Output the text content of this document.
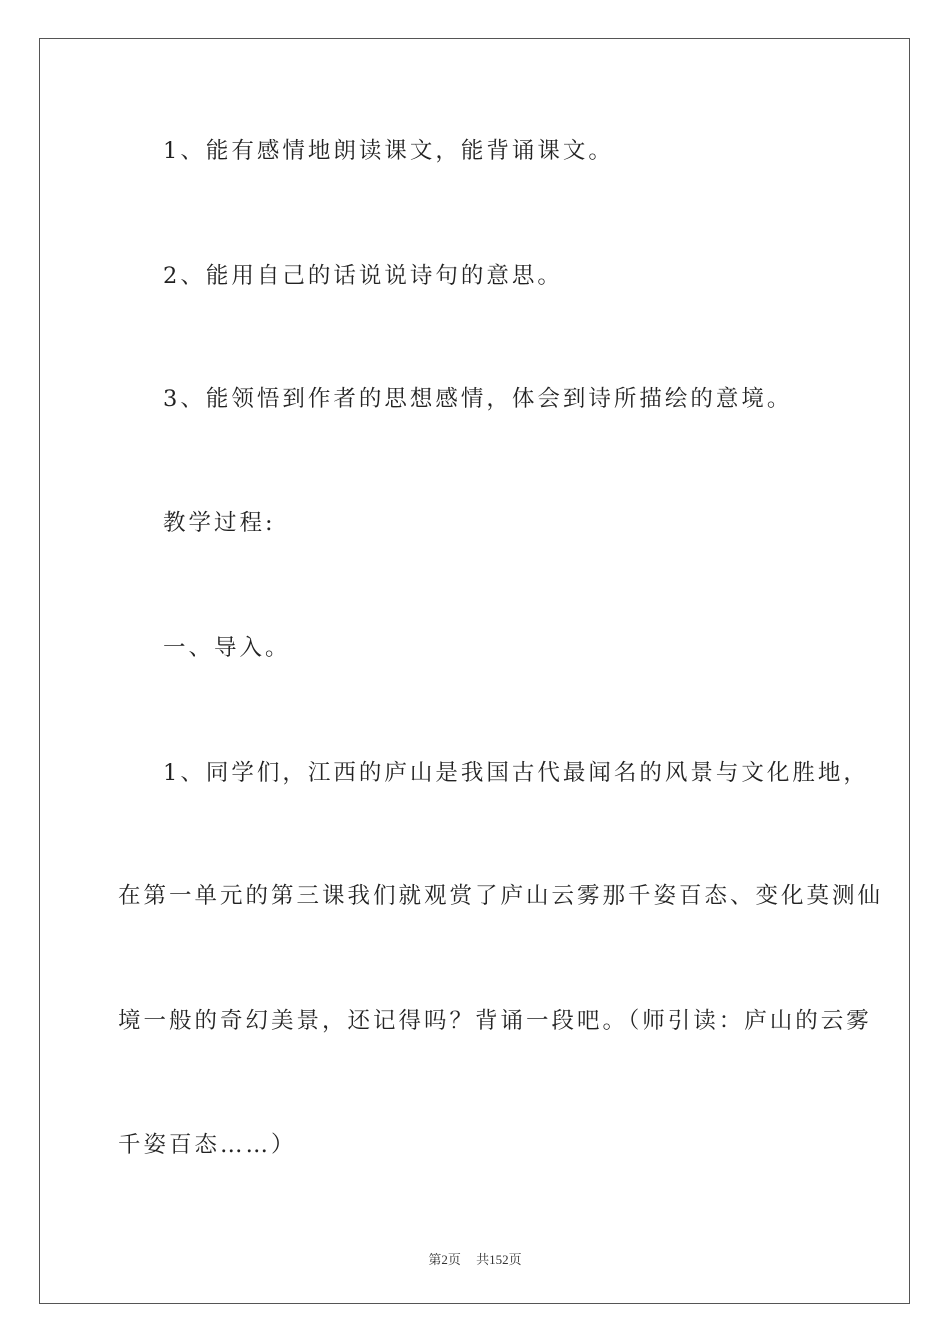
1、能有感情地朗读课文，能背诵课文。
2、能用自己的话说说诗句的意思。
3、能领悟到作者的思想感情，体会到诗所描绘的意境。
教学过程:
一、导入。
1、同学们，江西的庐山是我国古代最闻名的风景与文化胜地，
在第一单元的第三课我们就观赏了庐山云雾那千姿百态、变化莫测仙
境一般的奇幻美景，还记得吗？背诵一段吧。（师引读：庐山的云雾
千姿百态……）
第2页 共152页
